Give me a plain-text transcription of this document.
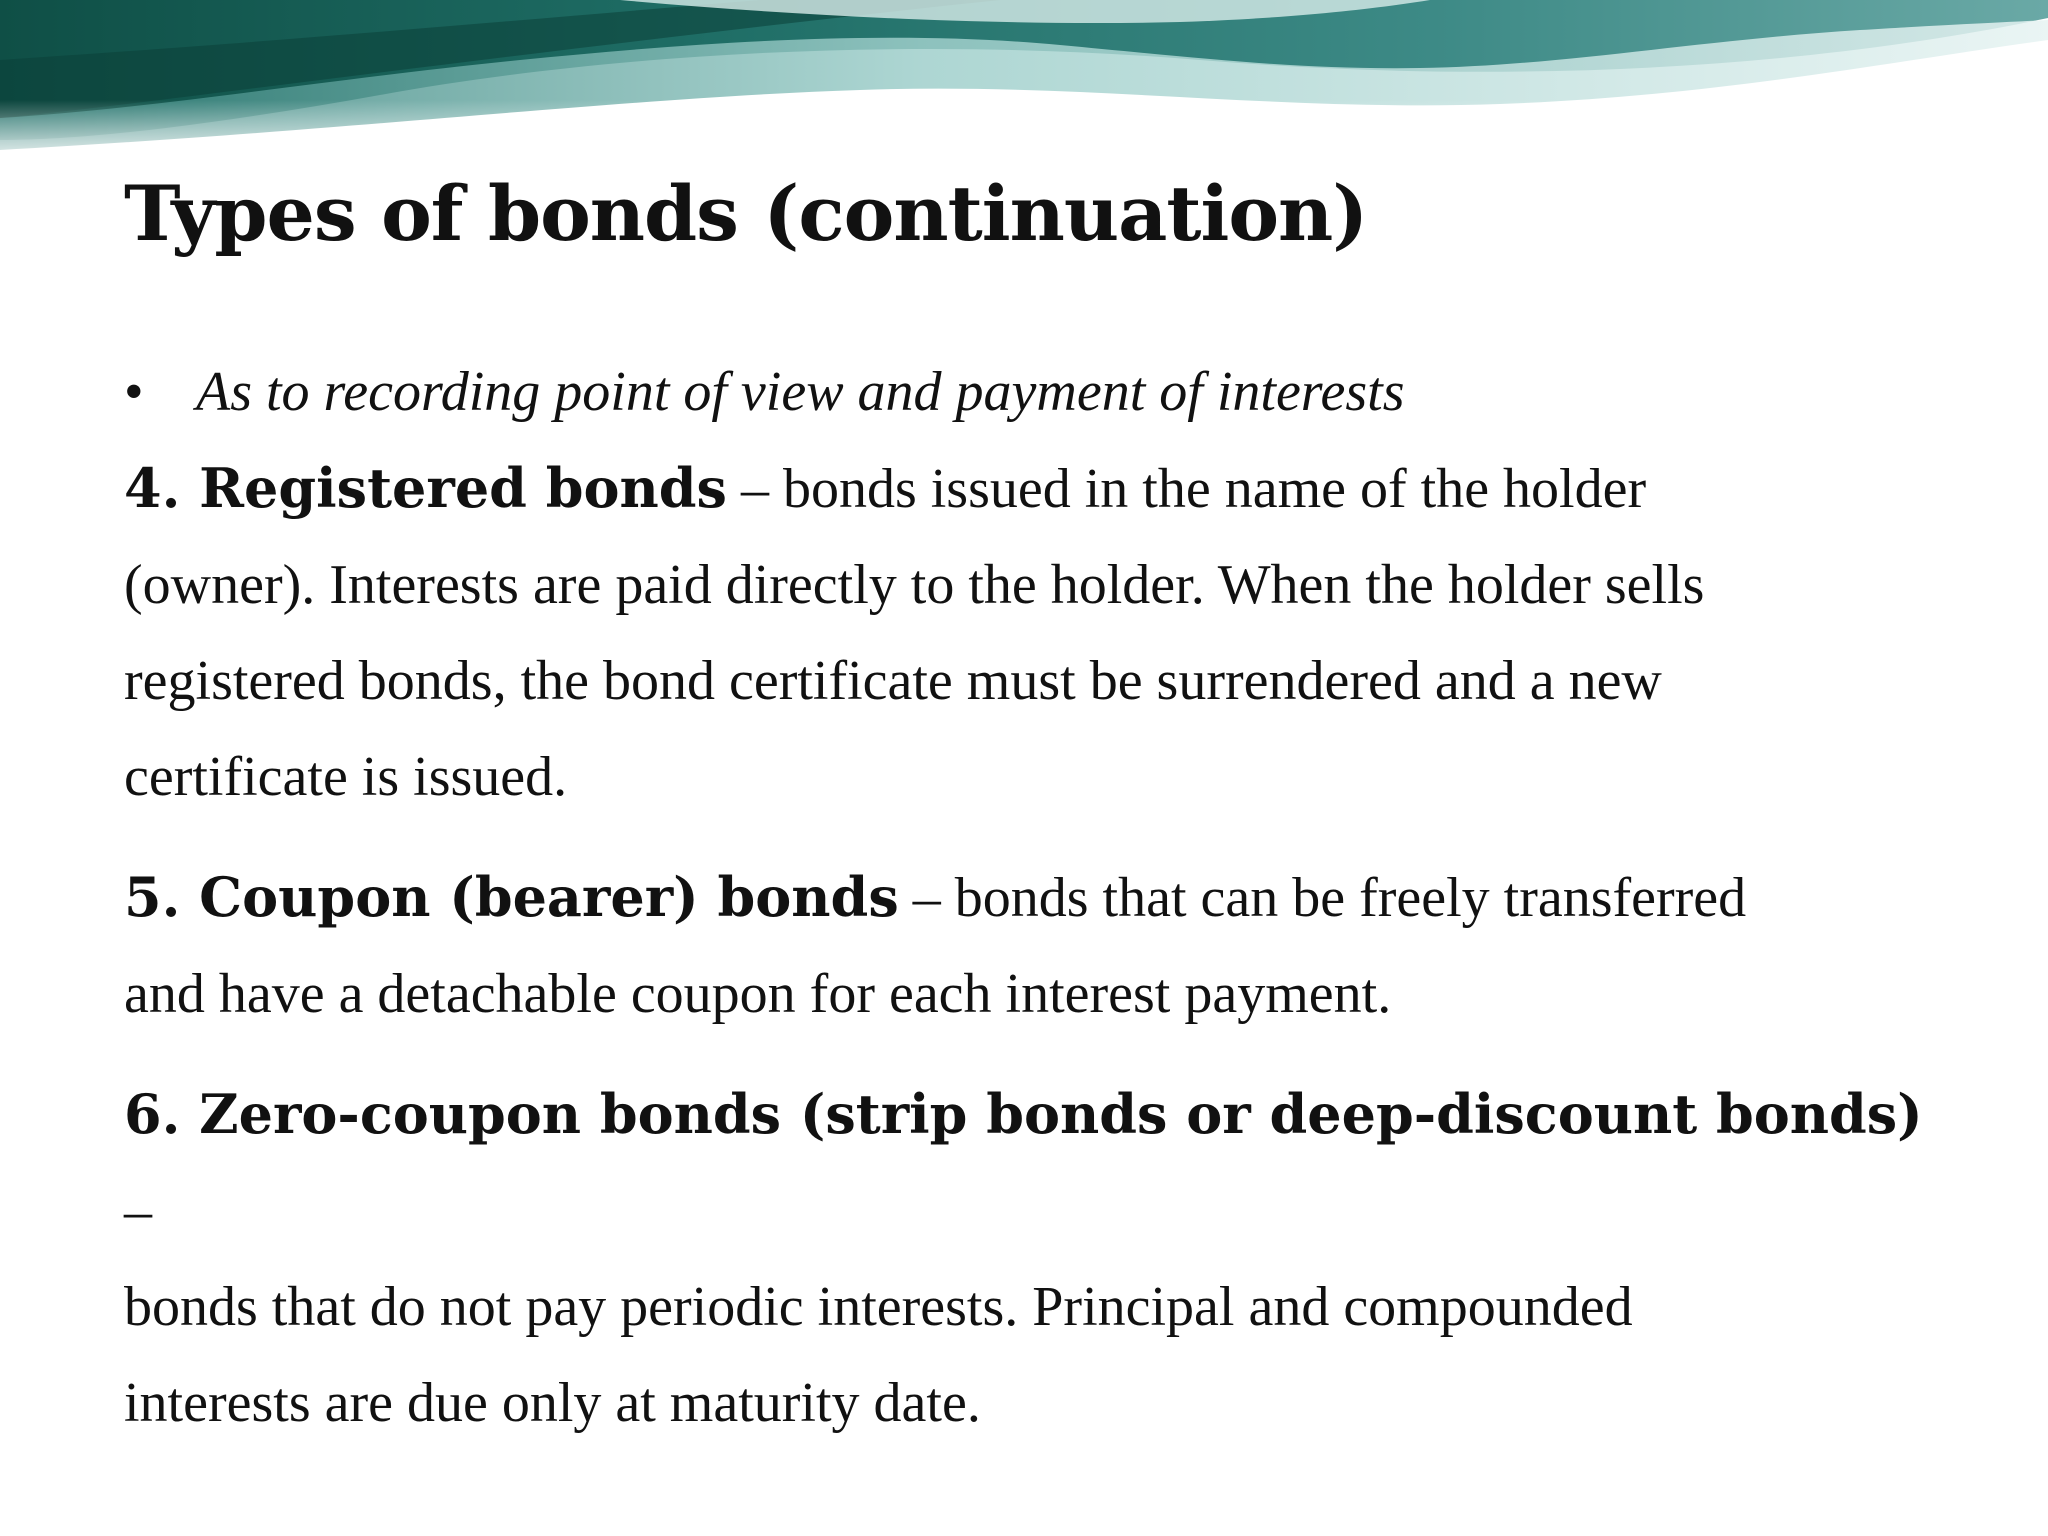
Types of bonds (continuation)
• As to recording point of view and payment of interests

4. Registered bonds – bonds issued in the name of the holder
(owner). Interests are paid directly to the holder. When the holder sells
registered bonds, the bond certificate must be surrendered and a new
certificate is issued.

5. Coupon (bearer) bonds – bonds that can be freely transferred
and have a detachable coupon for each interest payment.

6. Zero-coupon bonds (strip bonds or deep-discount bonds) –
bonds that do not pay periodic interests. Principal and compounded
interests are due only at maturity date.
